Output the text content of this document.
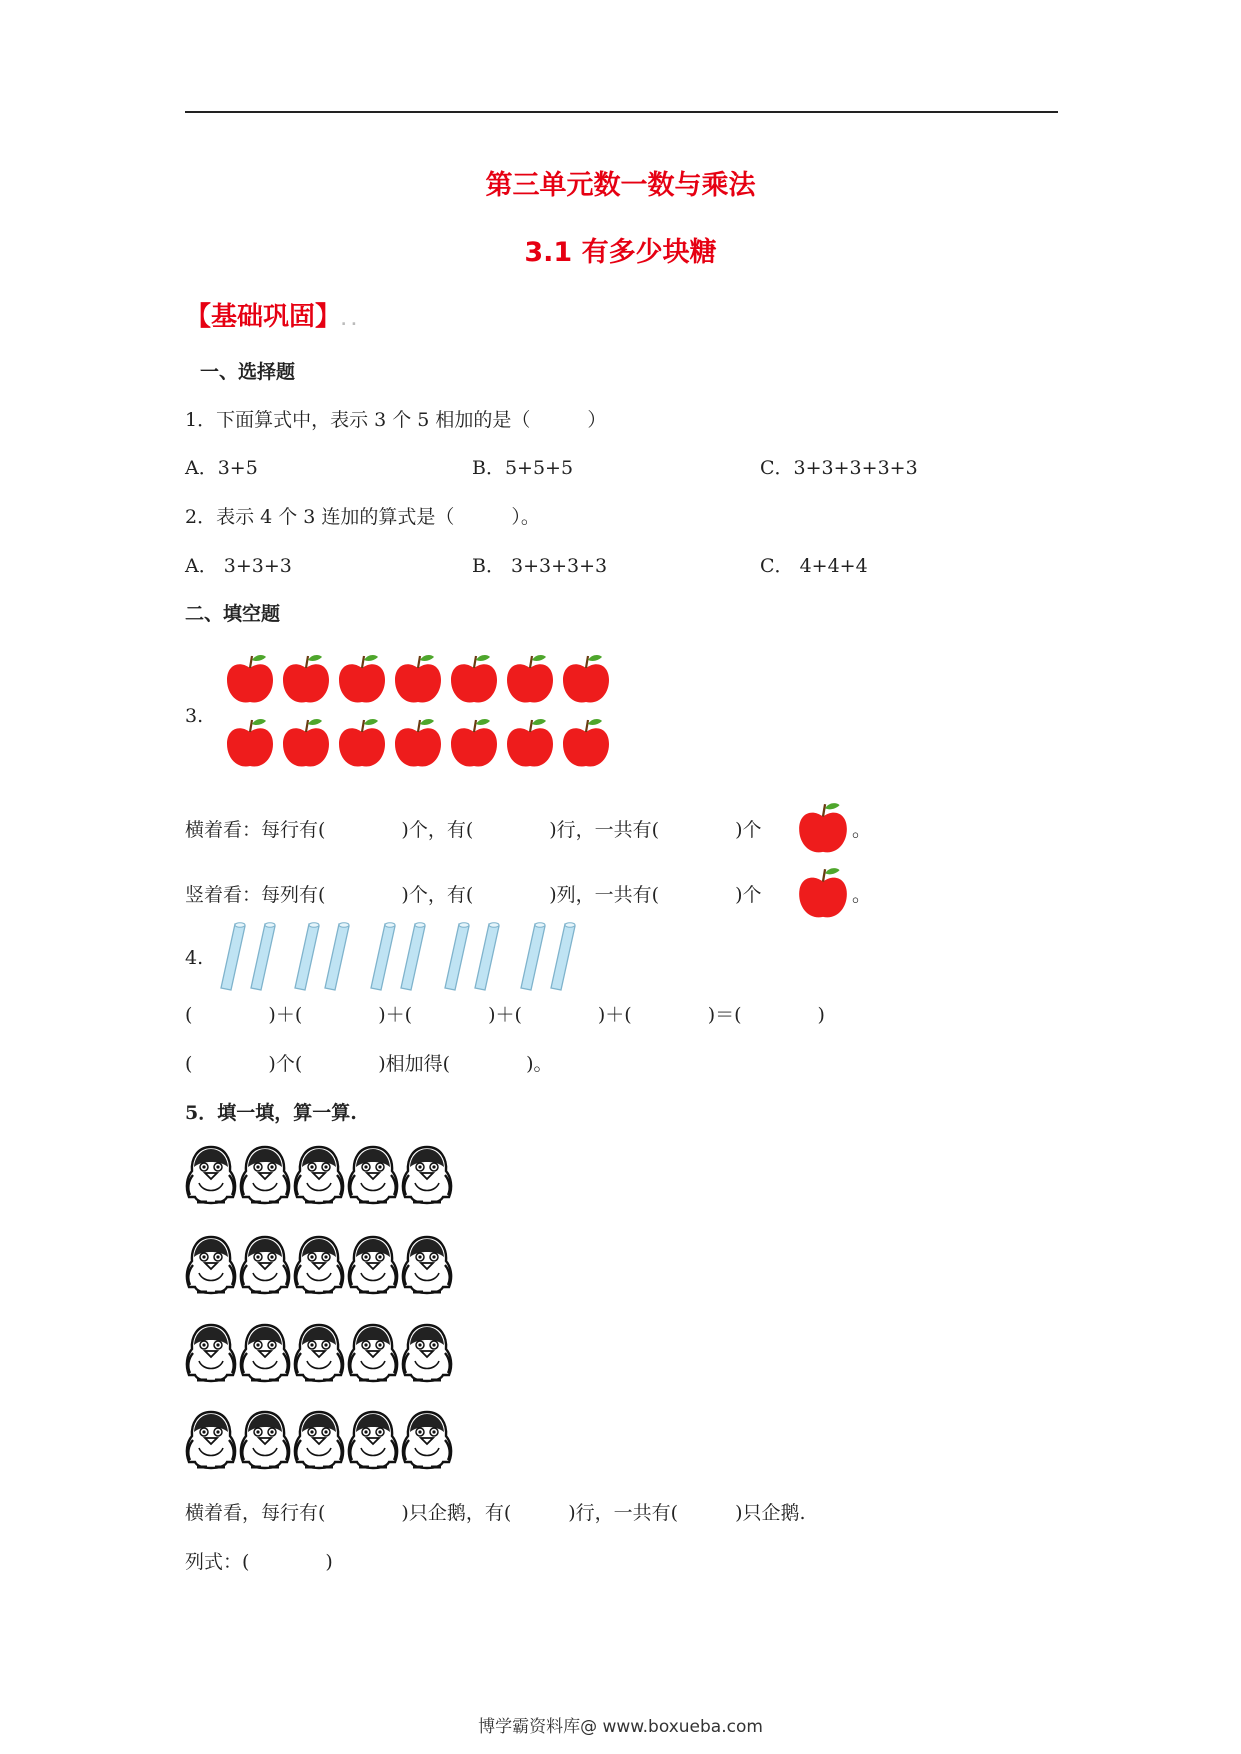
第三单元数一数与乘法
3.1 有多少块糖
【基础巩固】. .
一、选择题
1．下面算式中，表示 3 个 5 相加的是（　　　）
A．3+5	B．5+5+5	C．3+3+3+3+3
2．表示 4 个 3 连加的算式是（　　　）。
A． 3+3+3	B． 3+3+3+3	C． 4+4+4
二、填空题
3.
横着看：每行有(　　　　)个，有(　　　　)行，一共有(　　　　)个	。
竖着看：每列有(　　　　)个，有(　　　　)列，一共有(　　　　)个	。
4.
(　　　　)＋(　　　　)＋(　　　　)＋(　　　　)＋(　　　　)＝(　　　　)
(　　　　)个(　　　　)相加得(　　　　)。
5．填一填，算一算.
横着看，每行有(　　　　)只企鹅，有(　　　)行，一共有(　　　)只企鹅.
列式：(　　　　)
博学霸资料库@ www.boxueba.com
